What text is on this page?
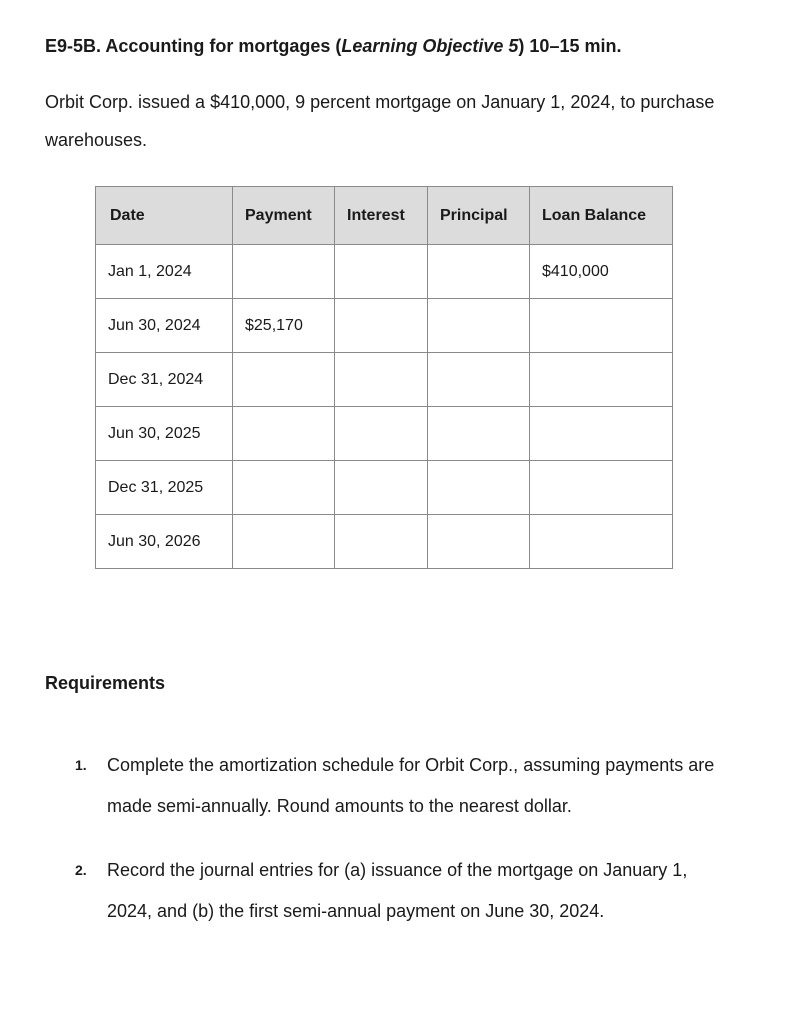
E9-5B. Accounting for mortgages (Learning Objective 5) 10–15 min.
Orbit Corp. issued a $410,000, 9 percent mortgage on January 1, 2024, to purchase warehouses.
Date	Payment	Interest	Principal	Loan Balance
Jan 1, 2024				$410,000
Jun 30, 2024	$25,170			
Dec 31, 2024				
Jun 30, 2025				
Dec 31, 2025				
Jun 30, 2026				
Requirements
1. Complete the amortization schedule for Orbit Corp., assuming payments are made semi-annually. Round amounts to the nearest dollar.
2. Record the journal entries for (a) issuance of the mortgage on January 1, 2024, and (b) the first semi-annual payment on June 30, 2024.
